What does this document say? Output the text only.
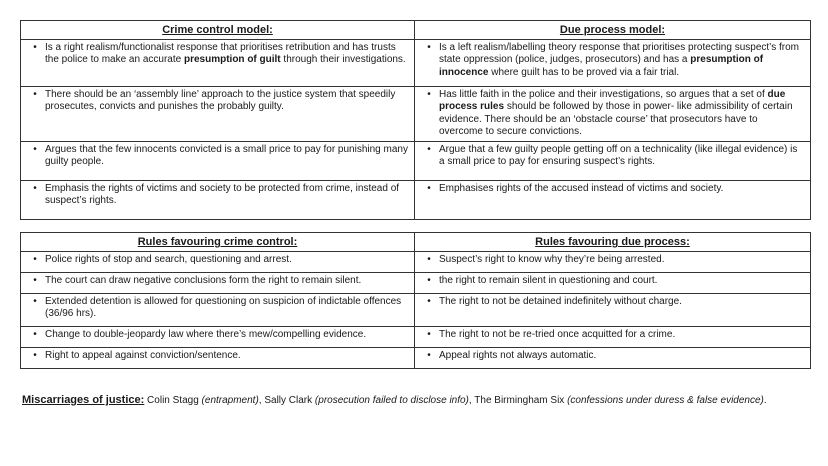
Crime control model:	Due process model:

• Is a right realism/functionalist response that prioritises retribution and has trusts the police to make an accurate presumption of guilt through their investigations.	• Is a left realism/labelling theory response that prioritises protecting suspect’s from state oppression (police, judges, prosecutors) and has a presumption of innocence where guilt has to be proved via a fair trial.

• There should be an ‘assembly line’ approach to the justice system that speedily prosecutes, convicts and punishes the probably guilty.	• Has little faith in the police and their investigations, so argues that a set of due process rules should be followed by those in power- like admissibility of certain evidence. There should be an ‘obstacle course’ that prosecutors have to overcome to secure convictions.

• Argues that the few innocents convicted is a small price to pay for punishing many guilty people.	• Argue that a few guilty people getting off on a technicality (like illegal evidence) is a small price to pay for ensuring suspect’s rights.

• Emphasis the rights of victims and society to be protected from crime, instead of suspect’s rights.	• Emphasises rights of the accused instead of victims and society.
Rules favouring crime control:	Rules favouring due process:

• Police rights of stop and search, questioning and arrest.	• Suspect’s right to know why they’re being arrested.

• The court can draw negative conclusions form the right to remain silent.	• the right to remain silent in questioning and court.

• Extended detention is allowed for questioning on suspicion of indictable offences (36/96 hrs).	• The right to not be detained indefinitely without charge.

• Change to double-jeopardy law where there’s mew/compelling evidence.	• The right to not be re-tried once acquitted for a crime.

• Right to appeal against conviction/sentence.	• Appeal rights not always automatic.
Miscarriages of justice: Colin Stagg (entrapment), Sally Clark (prosecution failed to disclose info), The Birmingham Six (confessions under duress & false evidence).
